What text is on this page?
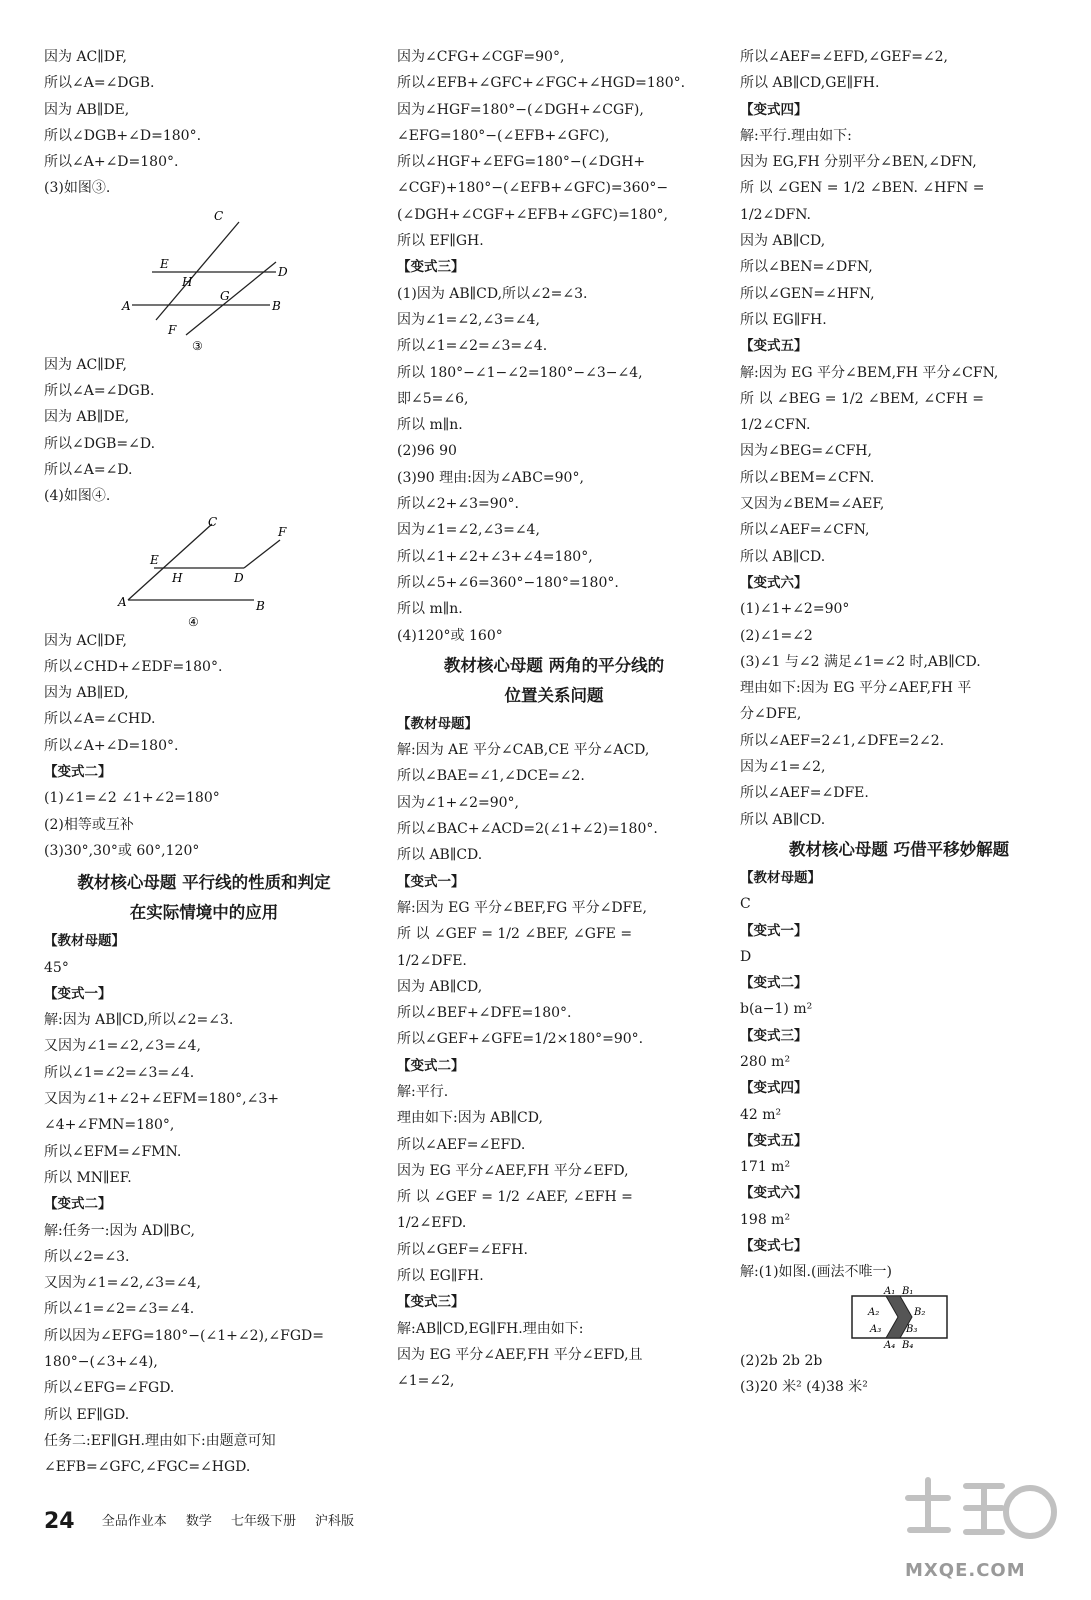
因为 AC∥DF,
所以∠A=∠DGB.
因为 AB∥DE,
所以∠DGB+∠D=180°.
所以∠A+∠D=180°.
(3)如图③.
C
E
H
D
G
A	B
F
③
因为 AC∥DF,
所以∠A=∠DGB.
因为 AB∥DE,
所以∠DGB=∠D.
所以∠A=∠D.
(4)如图④.
C
F
E
H	D
A	B
④
因为 AC∥DF,
所以∠CHD+∠EDF=180°.
因为 AB∥ED,
所以∠A=∠CHD.
所以∠A+∠D=180°.
【变式二】
(1)∠1=∠2 ∠1+∠2=180°
(2)相等或互补
(3)30°,30°或 60°,120°
教材核心母题 平行线的性质和判定
在实际情境中的应用
【教材母题】
45°
【变式一】
解:因为 AB∥CD,所以∠2=∠3.
又因为∠1=∠2,∠3=∠4,
所以∠1=∠2=∠3=∠4.
又因为∠1+∠2+∠EFM=180°,∠3+
∠4+∠FMN=180°,
所以∠EFM=∠FMN.
所以 MN∥EF.
【变式二】
解:任务一:因为 AD∥BC,
所以∠2=∠3.
又因为∠1=∠2,∠3=∠4,
所以∠1=∠2=∠3=∠4.
所以因为∠EFG=180°−(∠1+∠2),∠FGD=
180°−(∠3+∠4),
所以∠EFG=∠FGD.
所以 EF∥GD.
任务二:EF∥GH.理由如下:由题意可知
∠EFB=∠GFC,∠FGC=∠HGD.
因为∠CFG+∠CGF=90°,
所以∠EFB+∠GFC+∠FGC+∠HGD=180°.
因为∠HGF=180°−(∠DGH+∠CGF),
∠EFG=180°−(∠EFB+∠GFC),
所以∠HGF+∠EFG=180°−(∠DGH+
∠CGF)+180°−(∠EFB+∠GFC)=360°−
(∠DGH+∠CGF+∠EFB+∠GFC)=180°,
所以 EF∥GH.
【变式三】
(1)因为 AB∥CD,所以∠2=∠3.
因为∠1=∠2,∠3=∠4,
所以∠1=∠2=∠3=∠4.
所以 180°−∠1−∠2=180°−∠3−∠4,
即∠5=∠6,
所以 m∥n.
(2)96 90
(3)90 理由:因为∠ABC=90°,
所以∠2+∠3=90°.
因为∠1=∠2,∠3=∠4,
所以∠1+∠2+∠3+∠4=180°,
所以∠5+∠6=360°−180°=180°.
所以 m∥n.
(4)120°或 160°
教材核心母题 两角的平分线的
位置关系问题
【教材母题】
解:因为 AE 平分∠CAB,CE 平分∠ACD,
所以∠BAE=∠1,∠DCE=∠2.
因为∠1+∠2=90°,
所以∠BAC+∠ACD=2(∠1+∠2)=180°.
所以 AB∥CD.
【变式一】
解:因为 EG 平分∠BEF,FG 平分∠DFE,
所 以 ∠GEF = 1/2 ∠BEF, ∠GFE =
1/2∠DFE.
因为 AB∥CD,
所以∠BEF+∠DFE=180°.
所以∠GEF+∠GFE=1/2×180°=90°.
【变式二】
解:平行.
理由如下:因为 AB∥CD,
所以∠AEF=∠EFD.
因为 EG 平分∠AEF,FH 平分∠EFD,
所 以 ∠GEF = 1/2 ∠AEF, ∠EFH =
1/2∠EFD.
所以∠GEF=∠EFH.
所以 EG∥FH.
【变式三】
解:AB∥CD,EG∥FH.理由如下:
因为 EG 平分∠AEF,FH 平分∠EFD,且
∠1=∠2,
所以∠AEF=∠EFD,∠GEF=∠2,
所以 AB∥CD,GE∥FH.
【变式四】
解:平行.理由如下:
因为 EG,FH 分别平分∠BEN,∠DFN,
所 以 ∠GEN = 1/2 ∠BEN. ∠HFN =
1/2∠DFN.
因为 AB∥CD,
所以∠BEN=∠DFN,
所以∠GEN=∠HFN,
所以 EG∥FH.
【变式五】
解:因为 EG 平分∠BEM,FH 平分∠CFN,
所 以 ∠BEG = 1/2 ∠BEM, ∠CFH =
1/2∠CFN.
因为∠BEG=∠CFH,
所以∠BEM=∠CFN.
又因为∠BEM=∠AEF,
所以∠AEF=∠CFN,
所以 AB∥CD.
【变式六】
(1)∠1+∠2=90°
(2)∠1=∠2
(3)∠1 与∠2 满足∠1=∠2 时,AB∥CD.
理由如下:因为 EG 平分∠AEF,FH 平
分∠DFE,
所以∠AEF=2∠1,∠DFE=2∠2.
因为∠1=∠2,
所以∠AEF=∠DFE.
所以 AB∥CD.
教材核心母题 巧借平移妙解题
【教材母题】
C
【变式一】
D
【变式二】
b(a−1) m²
【变式三】
280 m²
【变式四】
42 m²
【变式五】
171 m²
【变式六】
198 m²
【变式七】
解:(1)如图.(画法不唯一)
A₁ B₁
A₂	B₂
A₃ B₃
A₄ B₄
(2)2b 2b 2b
(3)20 米² (4)38 米²
24 全品作业本 数学 七年级下册 沪科版
MXQE.COM
